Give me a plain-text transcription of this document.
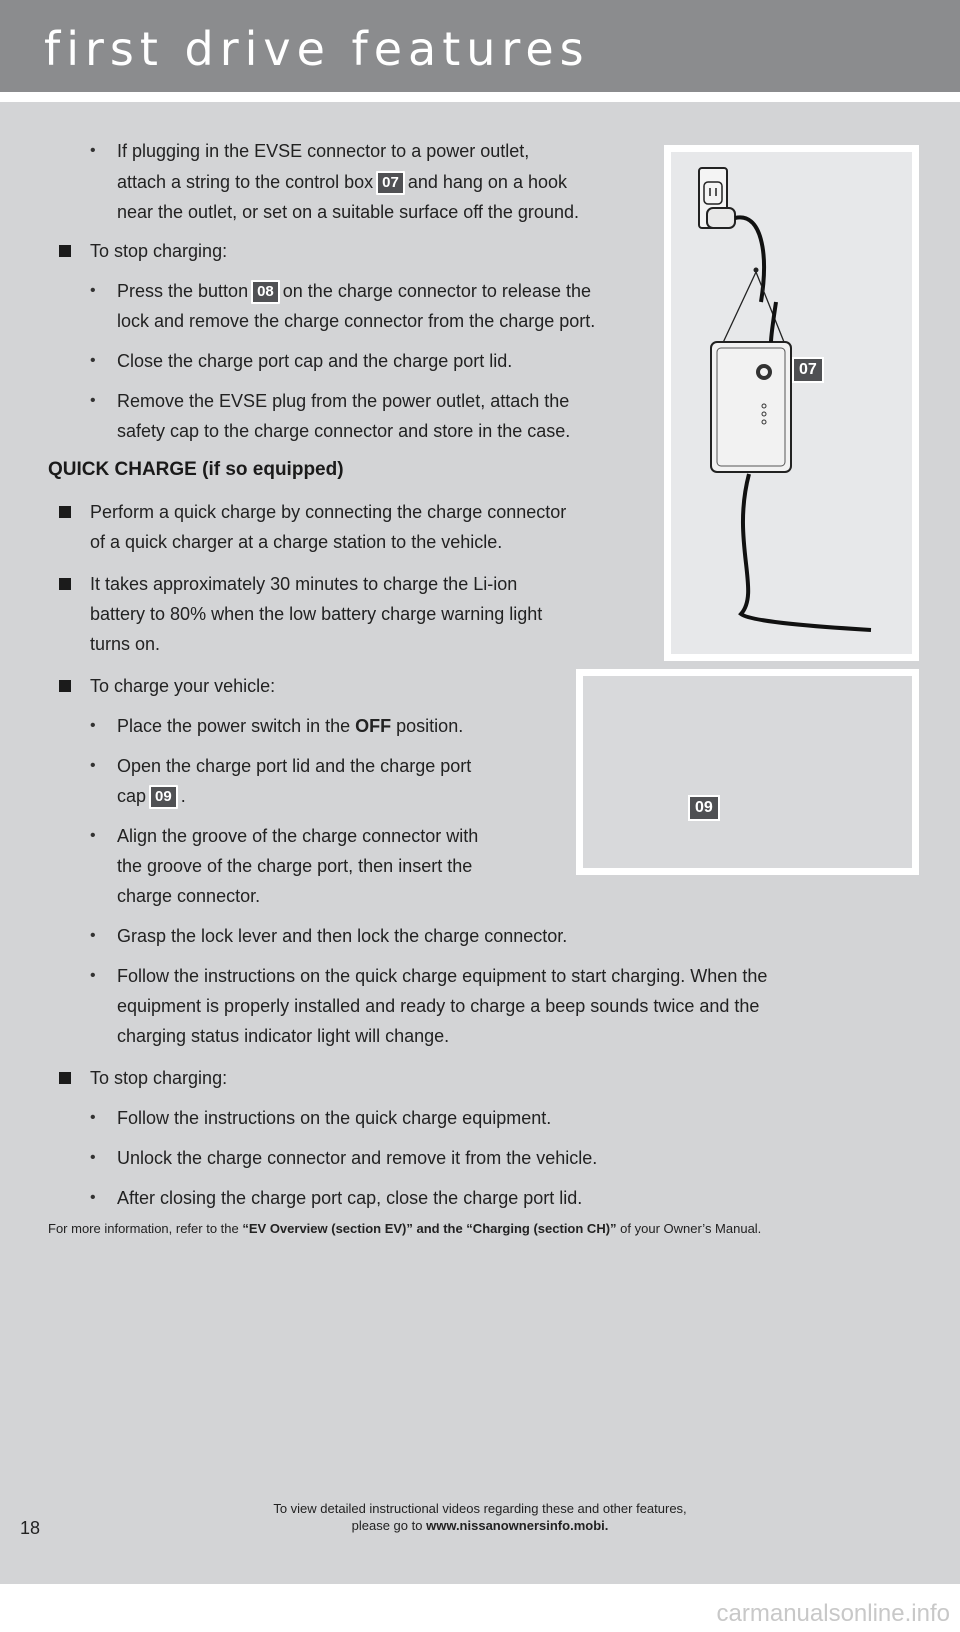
first drive features
07
09
• If plugging in the EVSE connector to a power outlet,
attach a string to the control box 07 and hang on a hook
near the outlet, or set on a suitable surface off the ground.
To stop charging:
• Press the button 08 on the charge connector to release the
lock and remove the charge connector from the charge port.
• Close the charge port cap and the charge port lid.
• Remove the EVSE plug from the power outlet, attach the
safety cap to the charge connector and store in the case.
QUICK CHARGE (if so equipped)
Perform a quick charge by connecting the charge connector
of a quick charger at a charge station to the vehicle.
It takes approximately 30 minutes to charge the Li-ion
battery to 80% when the low battery charge warning light
turns on.
To charge your vehicle:
• Place the power switch in the OFF position.
• Open the charge port lid and the charge port
cap 09 .
• Align the groove of the charge connector with
the groove of the charge port, then insert the
charge connector.
• Grasp the lock lever and then lock the charge connector.
• Follow the instructions on the quick charge equipment to start charging. When the
equipment is properly installed and ready to charge a beep sounds twice and the
charging status indicator light will change.
To stop charging:
• Follow the instructions on the quick charge equipment.
• Unlock the charge connector and remove it from the vehicle.
• After closing the charge port cap, close the charge port lid.
For more information, refer to the “EV Overview (section EV)” and the “Charging (section CH)” of your Owner’s Manual.
To view detailed instructional videos regarding these and other features,
please go to www.nissanownersinfo.mobi.
18
carmanualsonline.info
